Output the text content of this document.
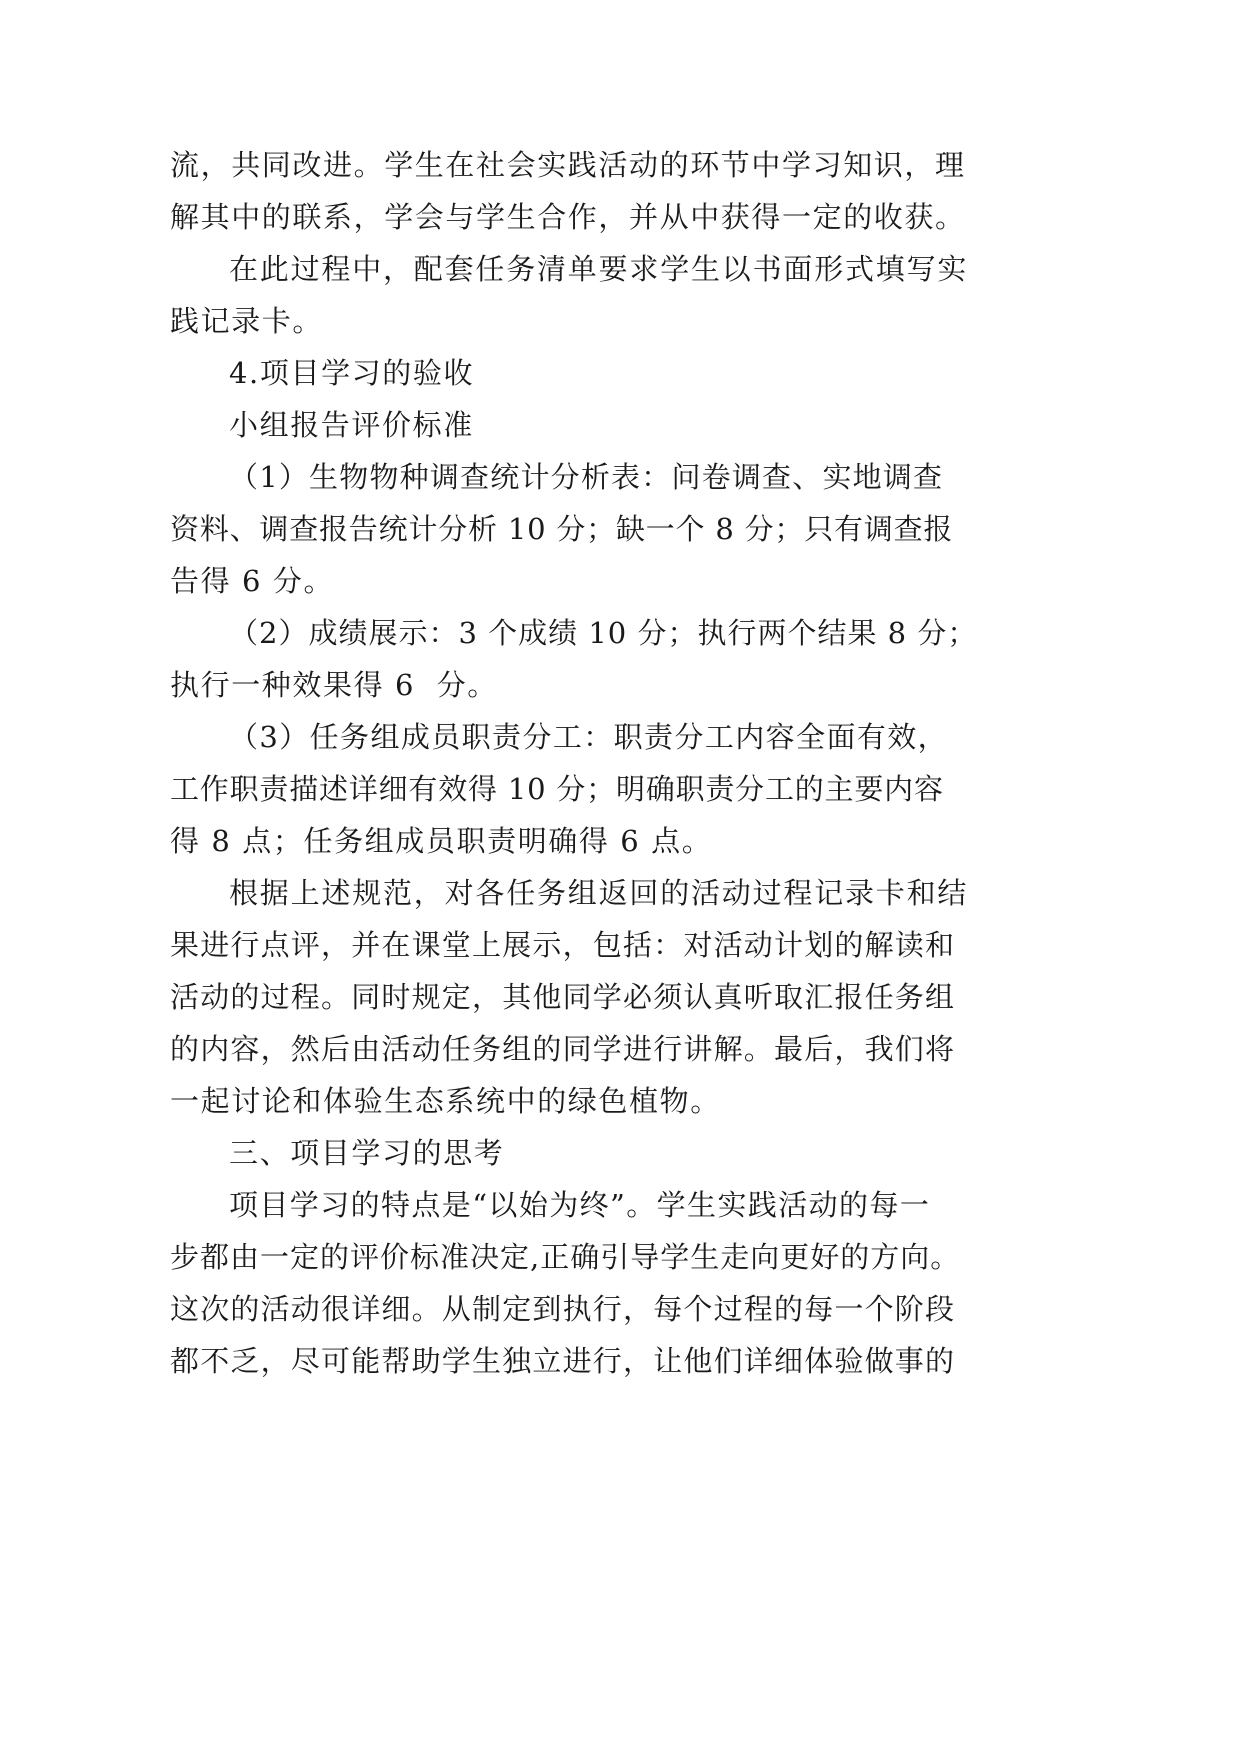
流，共同改进。学生在社会实践活动的环节中学习知识，理

解其中的联系，学会与学生合作，并从中获得一定的收获。

在此过程中，配套任务清单要求学生以书面形式填写实

践记录卡。

4.项目学习的验收

小组报告评价标准

（1）生物物种调查统计分析表：问卷调查、实地调查

资料、调查报告统计分析 10 分；缺一个 8 分；只有调查报

告得 6 分。

（2）成绩展示：3 个成绩 10 分；执行两个结果 8 分；

执行一种效果得 6  分。

（3）任务组成员职责分工：职责分工内容全面有效，

工作职责描述详细有效得 10 分；明确职责分工的主要内容

得 8 点；任务组成员职责明确得 6 点。

根据上述规范，对各任务组返回的活动过程记录卡和结

果进行点评，并在课堂上展示，包括：对活动计划的解读和

活动的过程。同时规定，其他同学必须认真听取汇报任务组

的内容，然后由活动任务组的同学进行讲解。最后，我们将

一起讨论和体验生态系统中的绿色植物。

三、项目学习的思考

项目学习的特点是“以始为终”。学生实践活动的每一

步都由一定的评价标准决定,正确引导学生走向更好的方向。

这次的活动很详细。从制定到执行，每个过程的每一个阶段

都不乏，尽可能帮助学生独立进行，让他们详细体验做事的
